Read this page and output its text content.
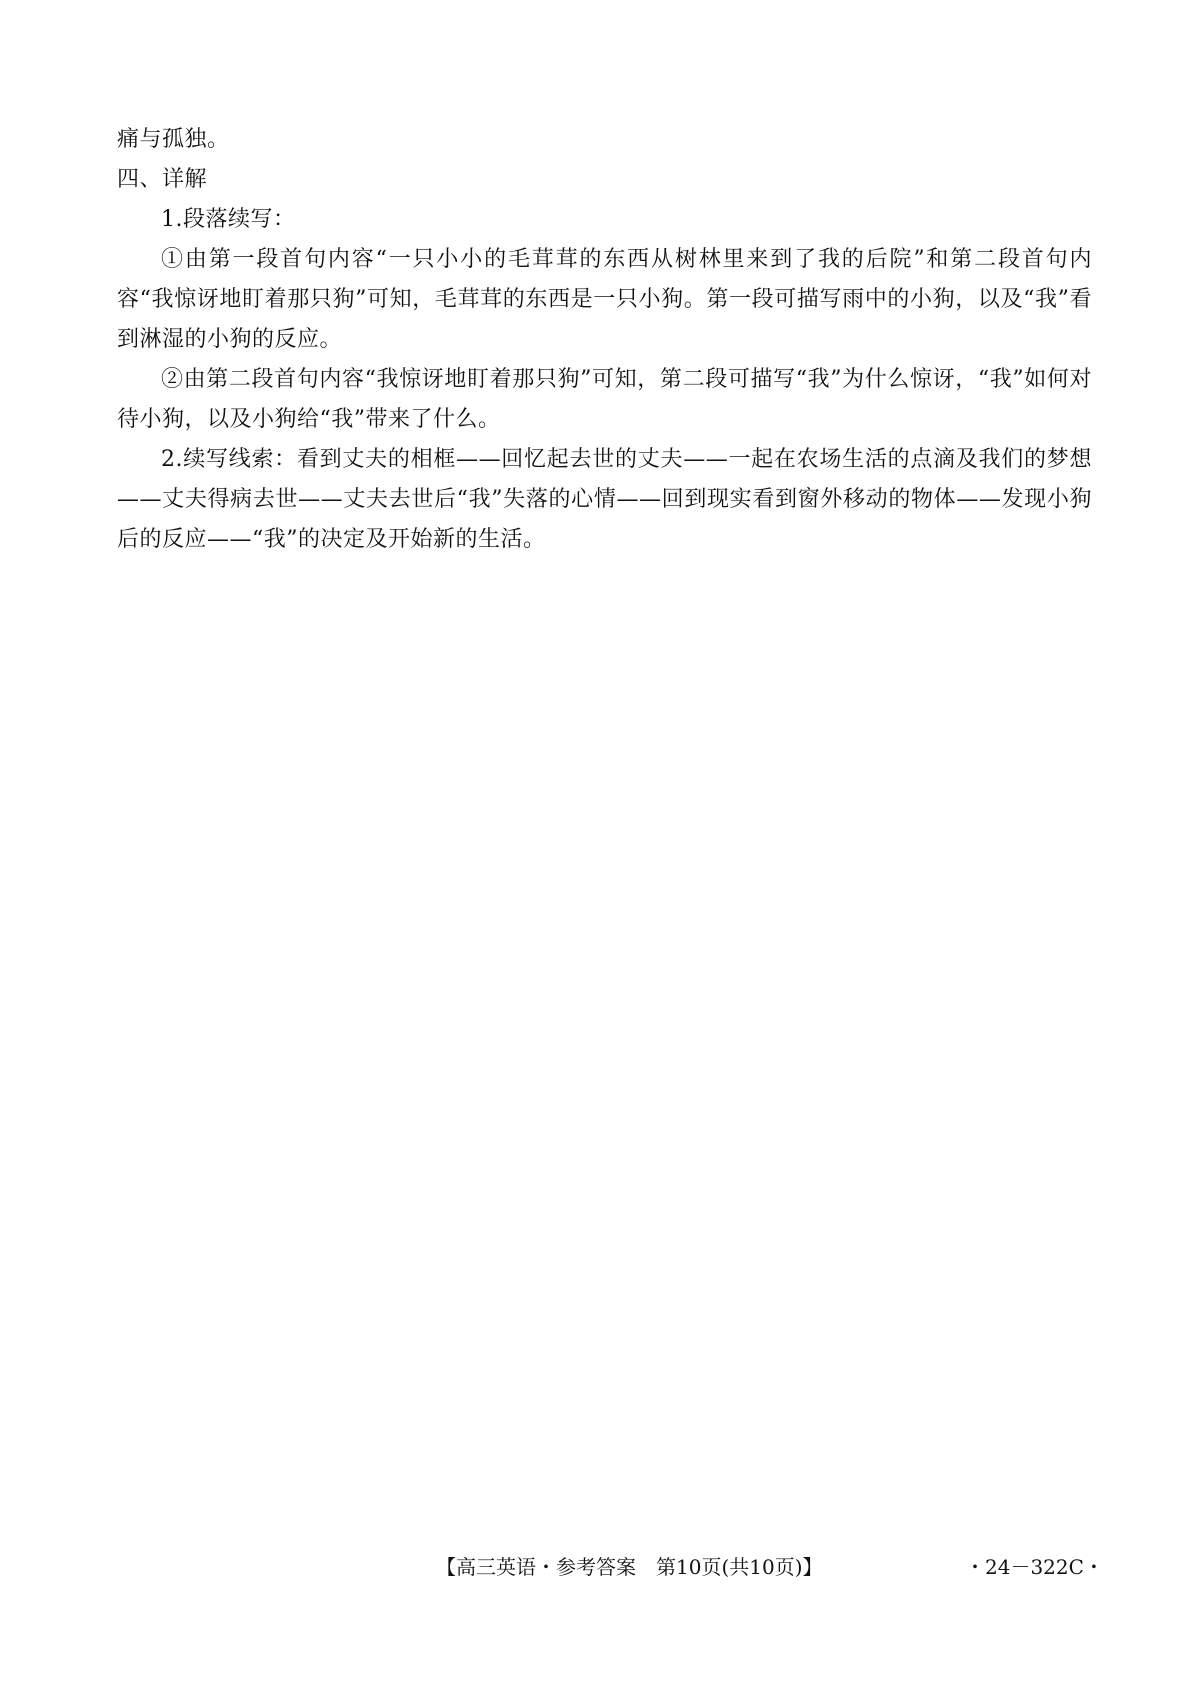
痛与孤独。

四、详解

1.段落续写：

①由第一段首句内容“一只小小的毛茸茸的东西从树林里来到了我的后院”和第二段首句内容“我惊讶地盯着那只狗”可知，毛茸茸的东西是一只小狗。第一段可描写雨中的小狗，以及“我”看到淋湿的小狗的反应。

②由第二段首句内容“我惊讶地盯着那只狗”可知，第二段可描写“我”为什么惊讶，“我”如何对待小狗，以及小狗给“我”带来了什么。

2.续写线索：看到丈夫的相框——回忆起去世的丈夫——一起在农场生活的点滴及我们的梦想——丈夫得病去世——丈夫去世后“我”失落的心情——回到现实看到窗外移动的物体——发现小狗后的反应——“我”的决定及开始新的生活。

【高三英语・参考答案　第10页(共10页)】	・24－322C・
